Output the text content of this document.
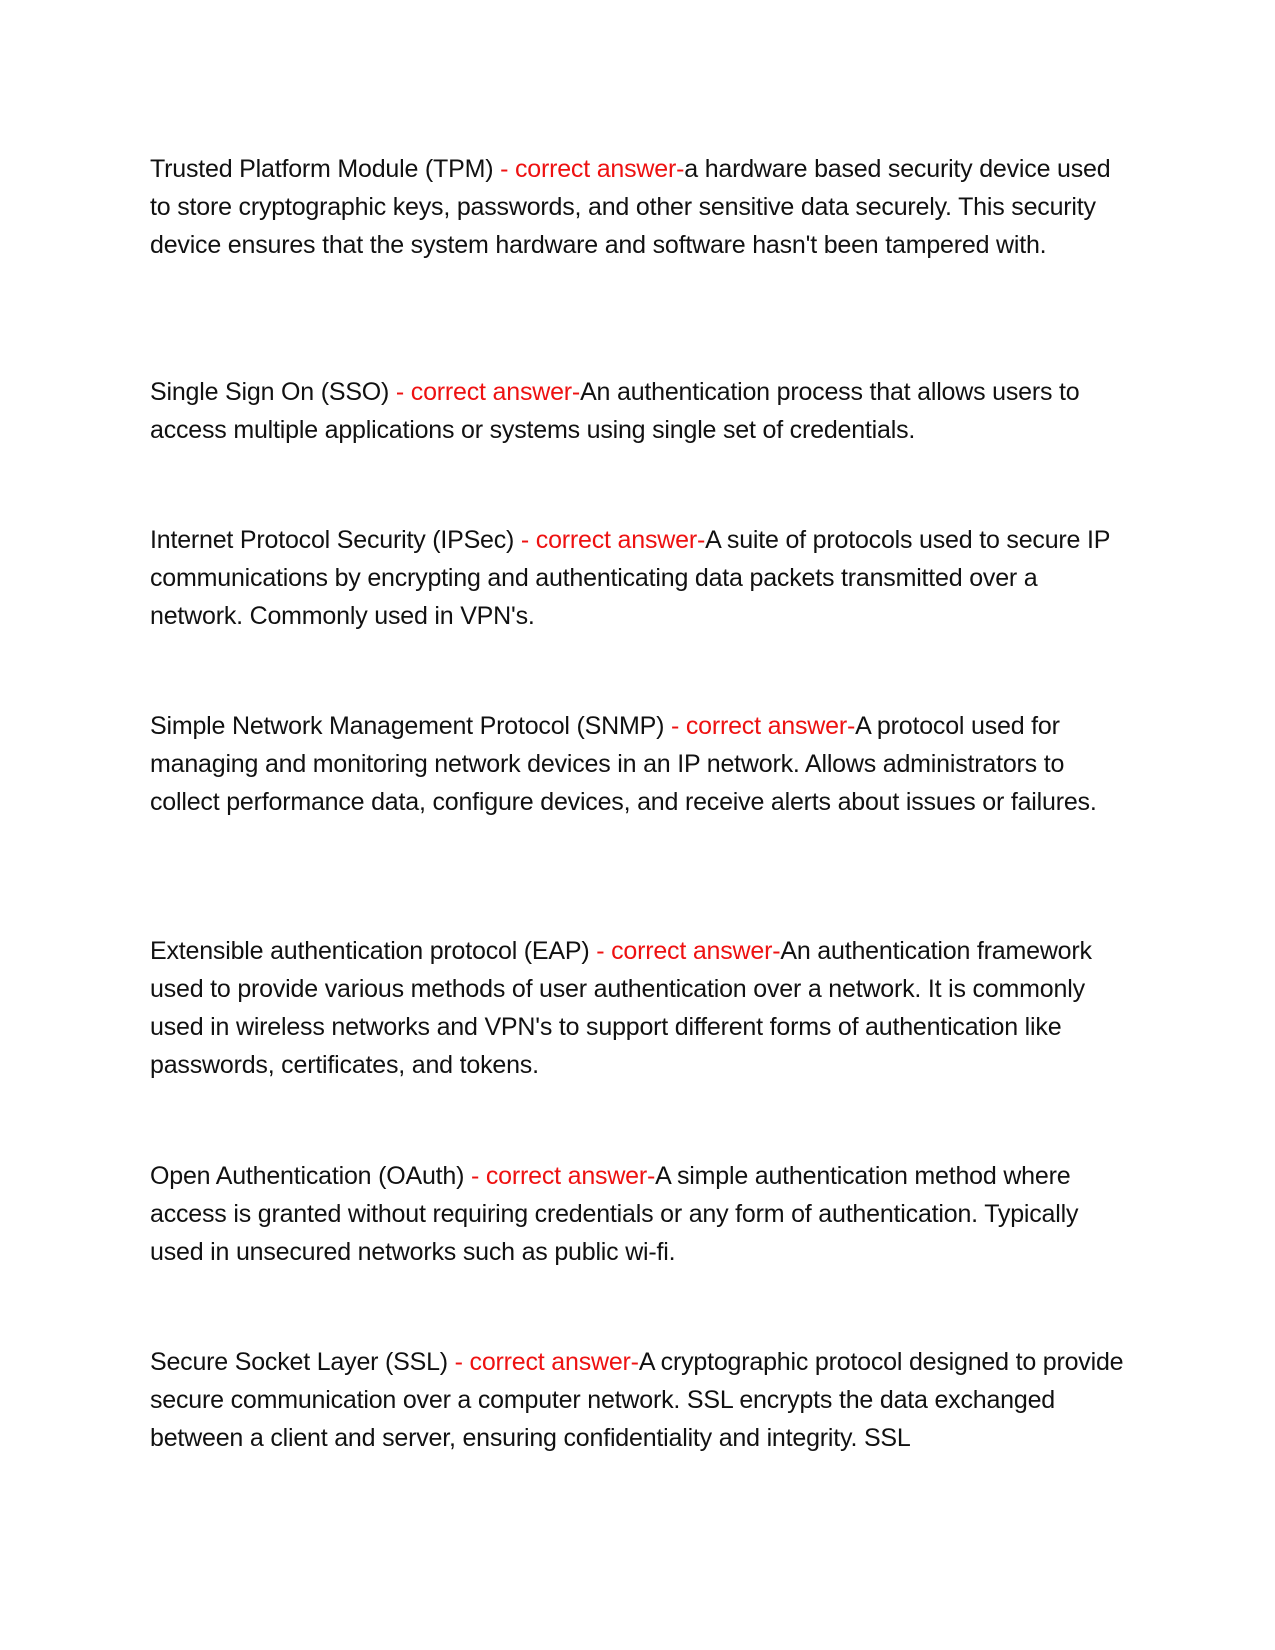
Trusted Platform Module (TPM) - correct answer-a hardware based security device used to store cryptographic keys, passwords, and other sensitive data securely. This security device ensures that the system hardware and software hasn't been tampered with.
Single Sign On (SSO) - correct answer-An authentication process that allows users to access multiple applications or systems using single set of credentials.
Internet Protocol Security (IPSec) - correct answer-A suite of protocols used to secure IP communications by encrypting and authenticating data packets transmitted over a network. Commonly used in VPN's.
Simple Network Management Protocol (SNMP) - correct answer-A protocol used for managing and monitoring network devices in an IP network. Allows administrators to collect performance data, configure devices, and receive alerts about issues or failures.
Extensible authentication protocol (EAP) - correct answer-An authentication framework used to provide various methods of user authentication over a network. It is commonly used in wireless networks and VPN's to support different forms of authentication like passwords, certificates, and tokens.
Open Authentication (OAuth) - correct answer-A simple authentication method where access is granted without requiring credentials or any form of authentication. Typically used in unsecured networks such as public wi-fi.
Secure Socket Layer (SSL) - correct answer-A cryptographic protocol designed to provide secure communication over a computer network. SSL encrypts the data exchanged between a client and server, ensuring confidentiality and integrity. SSL
